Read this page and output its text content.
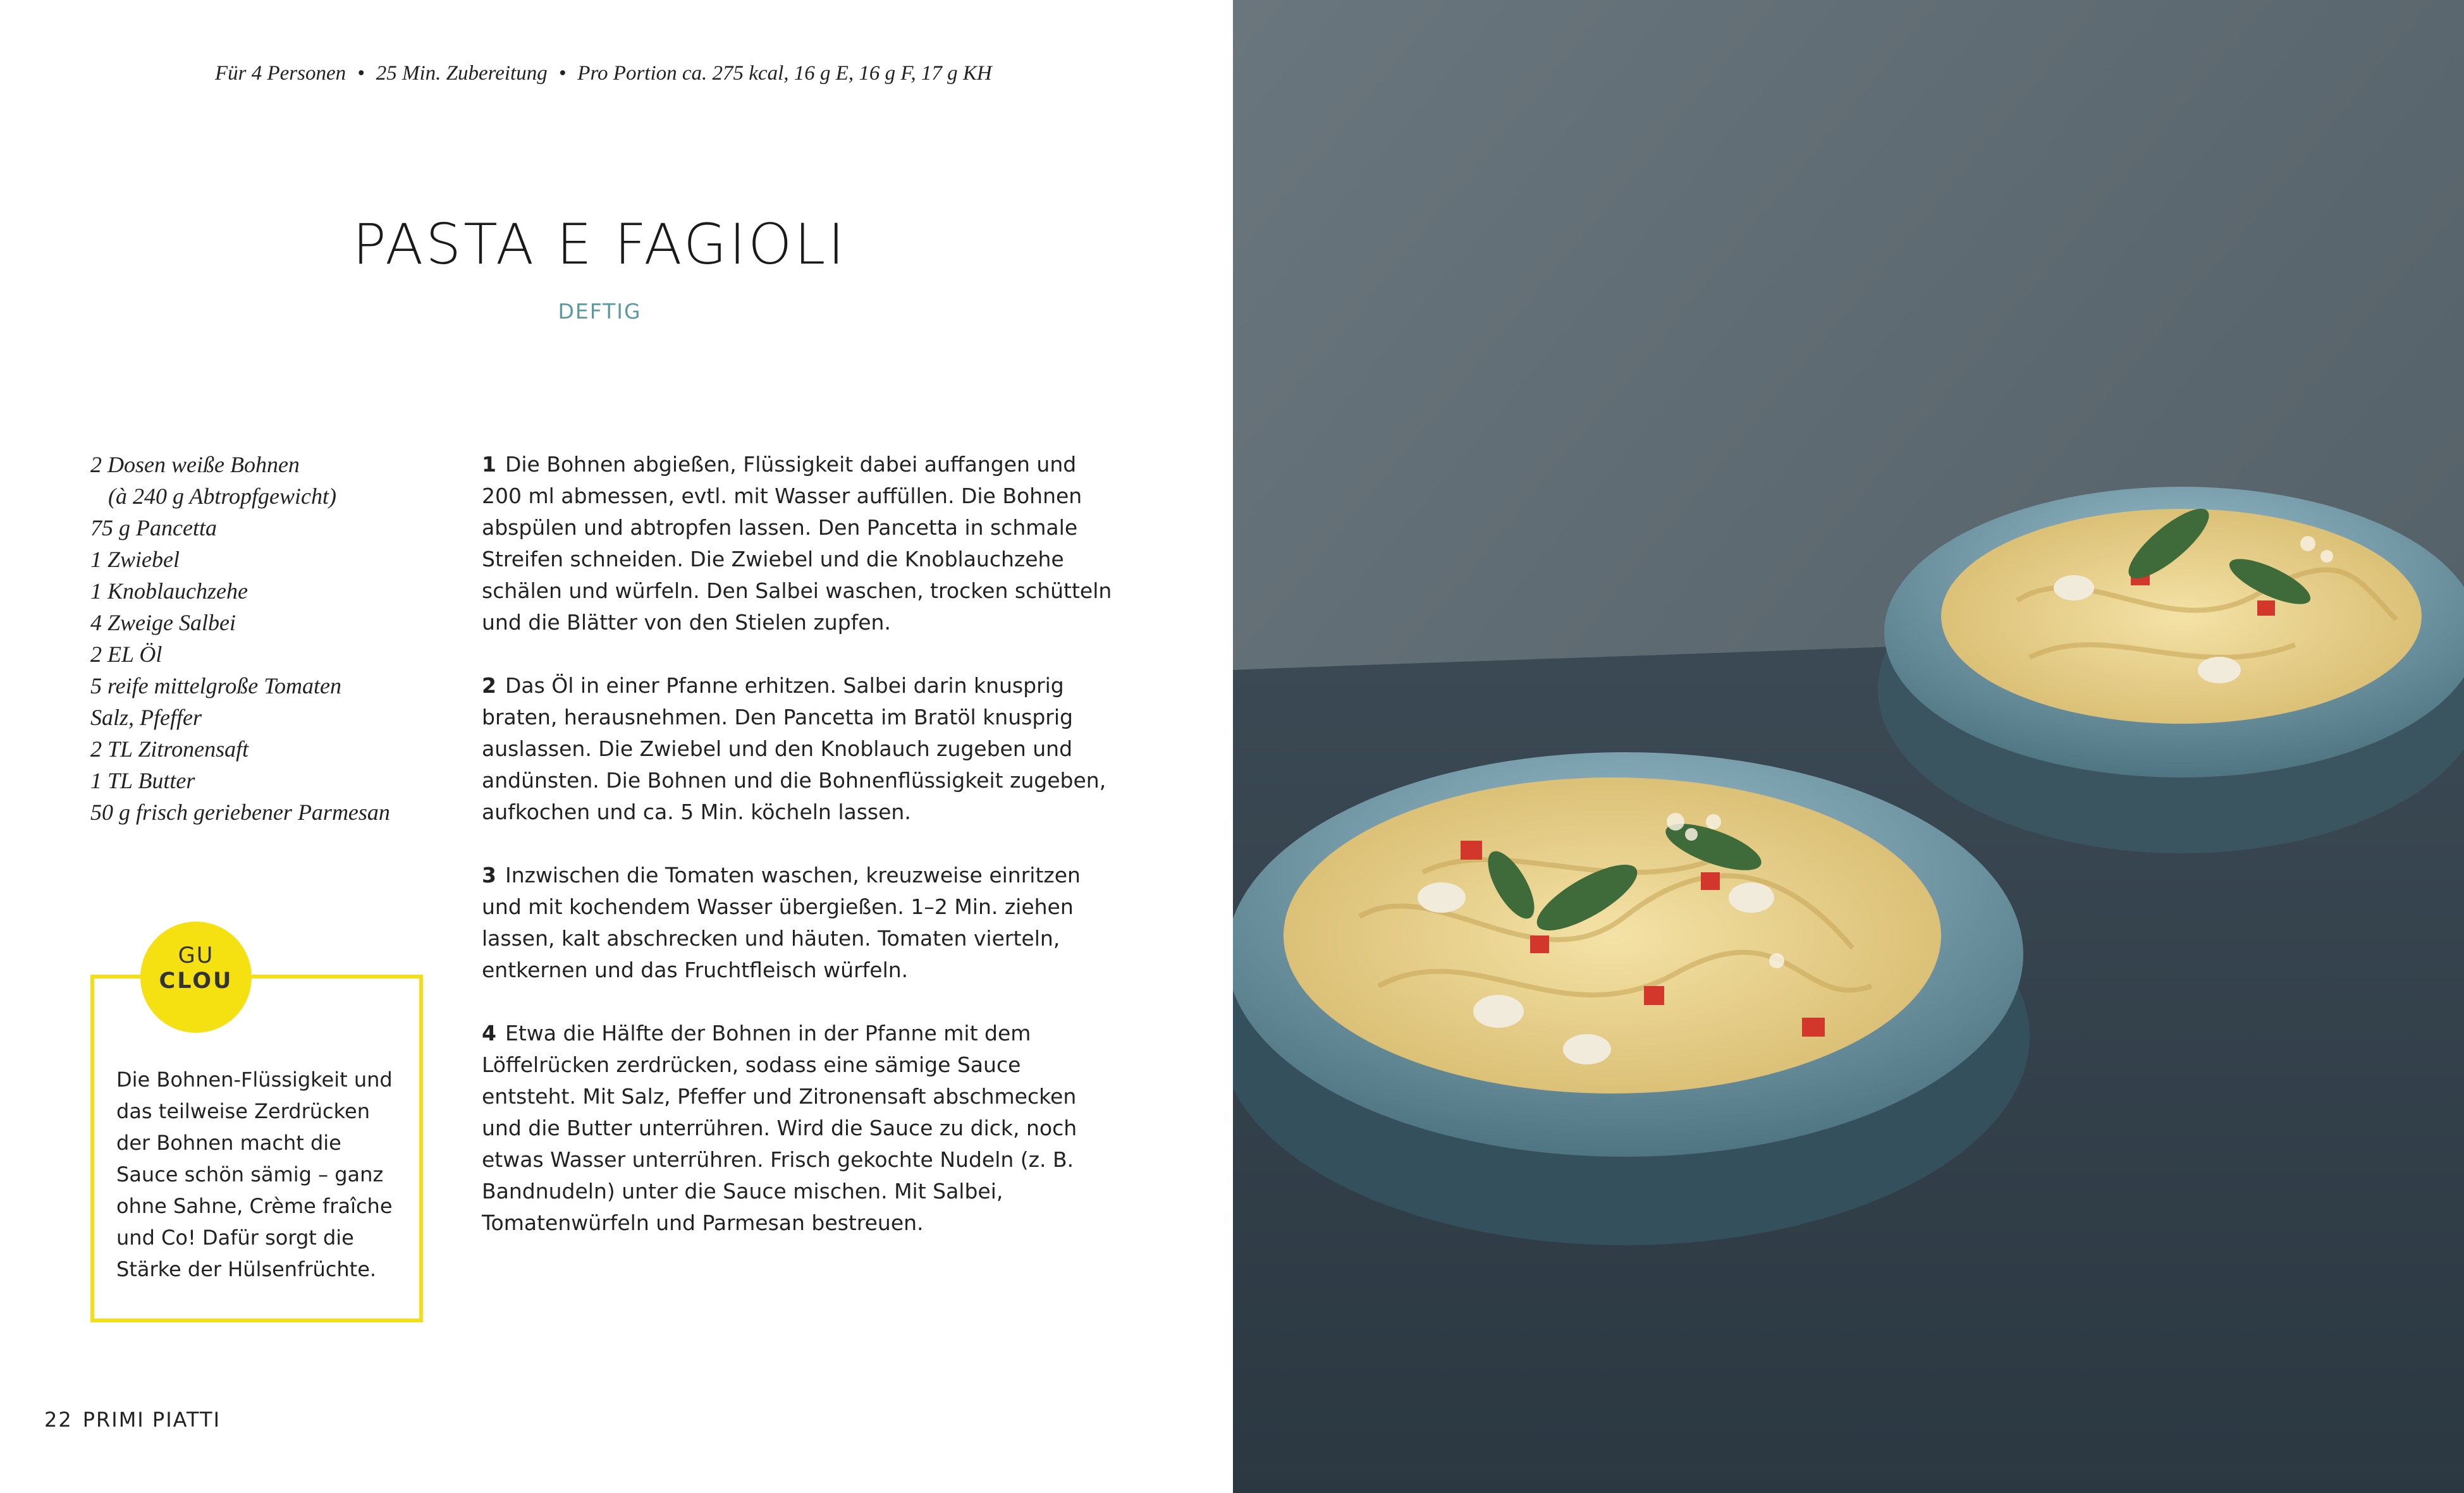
Für 4 Personen • 25 Min. Zubereitung • Pro Portion ca. 275 kcal, 16 g E, 16 g F, 17 g KH
PASTA E FAGIOLI
DEFTIG
2 Dosen weiße Bohnen
(à 240 g Abtropfgewicht)
75 g Pancetta
1 Zwiebel
1 Knoblauchzehe
4 Zweige Salbei
2 EL Öl
5 reife mittelgroße Tomaten
Salz, Pfeffer
2 TL Zitronensaft
1 TL Butter
50 g frisch geriebener Parmesan

1 Die Bohnen abgießen, Flüssigkeit dabei auffangen und 200 ml abmessen, evtl. mit Wasser auffüllen. Die Bohnen abspülen und abtropfen lassen. Den Pancetta in schmale Streifen schneiden. Die Zwiebel und die Knoblauchzehe schälen und würfeln. Den Salbei waschen, trocken schütteln und die Blätter von den Stielen zupfen.

2 Das Öl in einer Pfanne erhitzen. Salbei darin knusprig braten, herausnehmen. Den Pancetta im Bratöl knusprig auslassen. Die Zwiebel und den Knoblauch zugeben und andünsten. Die Bohnen und die Bohnenflüssigkeit zugeben, aufkochen und ca. 5 Min. köcheln lassen.

3 Inzwischen die Tomaten waschen, kreuzweise einritzen und mit kochendem Wasser übergießen. 1–2 Min. ziehen lassen, kalt abschrecken und häuten. Tomaten vierteln, entkernen und das Fruchtfleisch würfeln.

4 Etwa die Hälfte der Bohnen in der Pfanne mit dem Löffelrücken zerdrücken, sodass eine sämige Sauce entsteht. Mit Salz, Pfeffer und Zitronensaft abschmecken und die Butter unterrühren. Wird die Sauce zu dick, noch etwas Wasser unterrühren. Frisch gekochte Nudeln (z. B. Bandnudeln) unter die Sauce mischen. Mit Salbei, Tomatenwürfeln und Parmesan bestreuen.

GU
CLOU
Die Bohnen-Flüssigkeit und das teilweise Zerdrücken der Bohnen macht die Sauce schön sämig – ganz ohne Sahne, Crème fraîche und Co! Dafür sorgt die Stärke der Hülsenfrüchte.
22 PRIMI PIATTI
